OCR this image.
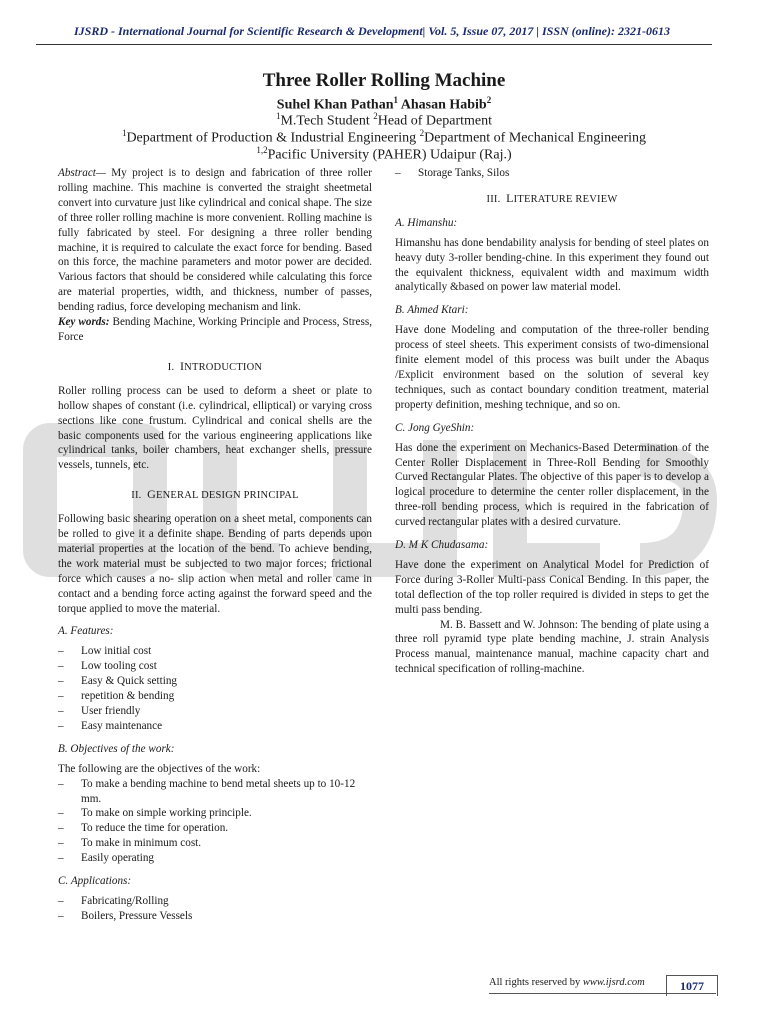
IJSRD - International Journal for Scientific Research & Development| Vol. 5, Issue 07, 2017 | ISSN (online): 2321-0613
Three Roller Rolling Machine
Suhel Khan Pathan$^1$ Ahasan Habib$^2$
$^1$M.Tech Student $^2$Head of Department
$^1$Department of Production & Industrial Engineering $^2$Department of Mechanical Engineering
$^{1,2}$Pacific University (PAHER) Udaipur (Raj.)

Abstract— My project is to design and fabrication of three roller rolling machine. This machine is converted the straight sheetmetal convert into curvature just like cylindrical and conical shape. The size of three roller rolling machine is more convenient. Rolling machine is fully fabricated by steel. For designing a three roller bending machine, it is required to calculate the exact force for bending. Based on this force, the machine parameters and motor power are decided. Various factors that should be considered while calculating this force are material properties, width, and thickness, number of passes, bending radius, force developing mechanism and link.

Key words: Bending Machine, Working Principle and Process, Stress, Force

I. INTRODUCTION

Roller rolling process can be used to deform a sheet or plate to hollow shapes of constant (i.e. cylindrical, elliptical) or varying cross sections like cone frustum. Cylindrical and conical shells are the basic components used for the various engineering applications like cylindrical tanks, boiler chambers, heat exchanger shells, pressure vessels, tunnels, etc.

II. GENERAL DESIGN PRINCIPAL

Following basic shearing operation on a sheet metal, components can be rolled to give it a definite shape. Bending of parts depends upon material properties at the location of the bend. To achieve bending, the work material must be subjected to two major forces; frictional force which causes a no- slip action when metal and roller came in contact and a bending force acting against the forward speed and the torque applied to move the material.

A. Features:
–	Low initial cost
–	Low tooling cost
–	Easy & Quick setting
–	repetition & bending
–	User friendly
–	Easy maintenance
B. Objectives of the work:

The following are the objectives of the work:

–	To make a bending machine to bend metal sheets up to 10-12 mm.
–	To make on simple working principle.
–	To reduce the time for operation.
–	To make in minimum cost.
–	Easily operating
C. Applications:
–	Fabricating/Rolling
–	Boilers, Pressure Vessels
–	Storage Tanks, Silos
III. LITERATURE REVIEW
A. Himanshu:

Himanshu has done bendability analysis for bending of steel plates on heavy duty 3-roller bending-chine. In this experiment they found out the equivalent thickness, equivalent width and maximum width analytically &based on power law material model.

B. Ahmed Ktari:

Have done Modeling and computation of the three-roller bending process of steel sheets. This experiment consists of two-dimensional finite element model of this process was built under the Abaqus /Explicit environment based on the solution of several key techniques, such as contact boundary condition treatment, material property definition, meshing technique, and so on.

C. Jong GyeShin:

Has done the experiment on Mechanics-Based Determination of the Center Roller Displacement in Three-Roll Bending for Smoothly Curved Rectangular Plates. The objective of this paper is to develop a logical procedure to determine the center roller displacement, in the three-roll bending process, which is required in the fabrication of curved rectangular plates with a desired curvature.

D. M K Chudasama:

Have done the experiment on Analytical Model for Prediction of Force during 3-Roller Multi-pass Conical Bending. In this paper, the total deflection of the top roller required is divided in steps to get the multi pass bending.

M. B. Bassett and W. Johnson: The bending of plate using a three roll pyramid type plate bending machine, J. strain Analysis Process manual, maintenance manual, machine capacity chart and technical specification of rolling-machine.

All rights reserved by www.ijsrd.com	1077
